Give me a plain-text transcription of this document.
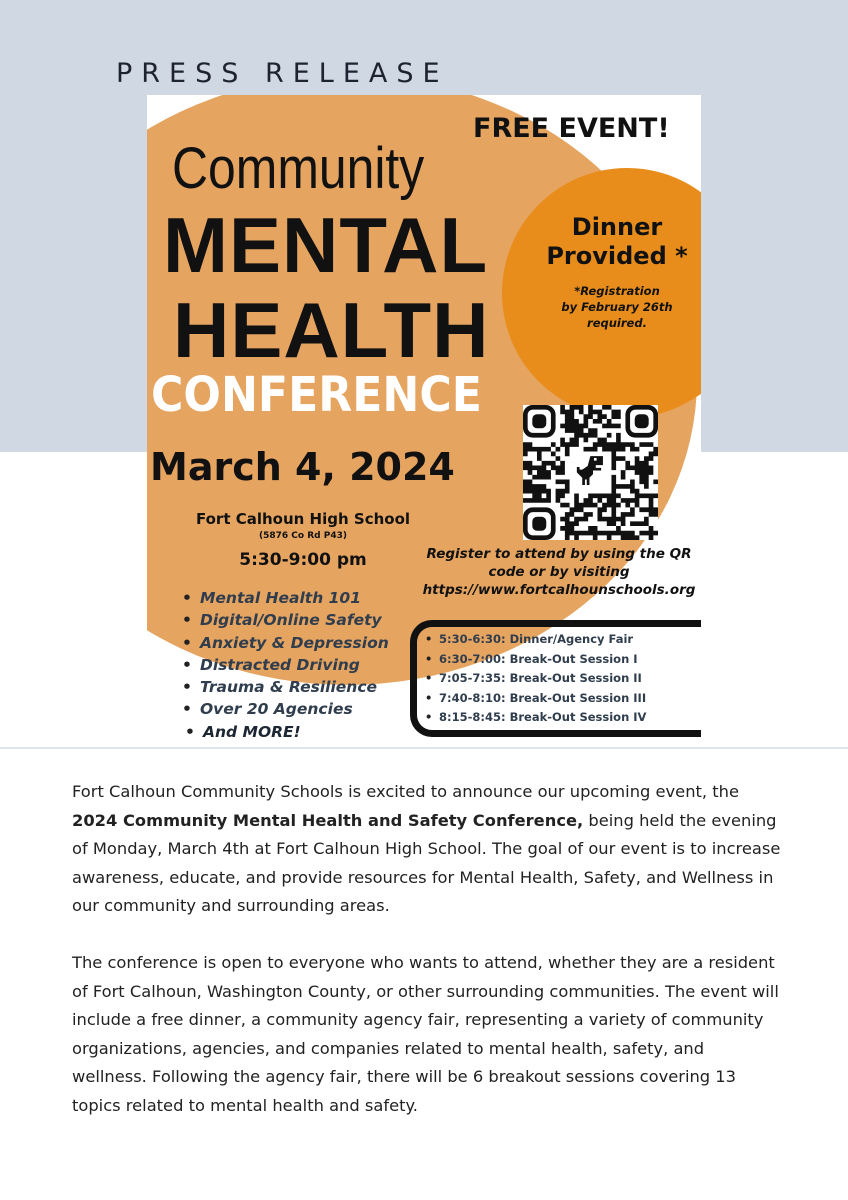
PRESS RELEASE
FREE EVENT!
Community
MENTAL
HEALTH
CONFERENCE
March 4, 2024
Fort Calhoun High School
(5876 Co Rd P43)
5:30-9:00 pm
Dinner
Provided *
*Registration
by February 26th
required.
Register to attend by using the QR
code or by visiting
https://www.fortcalhounschools.org
• Mental Health 101
• Digital/Online Safety
• Anxiety & Depression
• Distracted Driving
• Trauma & Resilience
• Over 20 Agencies
• And MORE!
• 5:30-6:30: Dinner/Agency Fair
• 6:30-7:00: Break-Out Session I
• 7:05-7:35: Break-Out Session II
• 7:40-8:10: Break-Out Session III
• 8:15-8:45: Break-Out Session IV

Fort Calhoun Community Schools is excited to announce our upcoming event, the
2024 Community Mental Health and Safety Conference, being held the evening of Monday, March 4th at Fort Calhoun High School. The goal of our event is to increase awareness, educate, and provide resources for Mental Health, Safety, and Wellness in our community and surrounding areas.

The conference is open to everyone who wants to attend, whether they are a resident of Fort Calhoun, Washington County, or other surrounding communities. The event will include a free dinner, a community agency fair, representing a variety of community organizations, agencies, and companies related to mental health, safety, and wellness. Following the agency fair, there will be 6 breakout sessions covering 13 topics related to mental health and safety.
